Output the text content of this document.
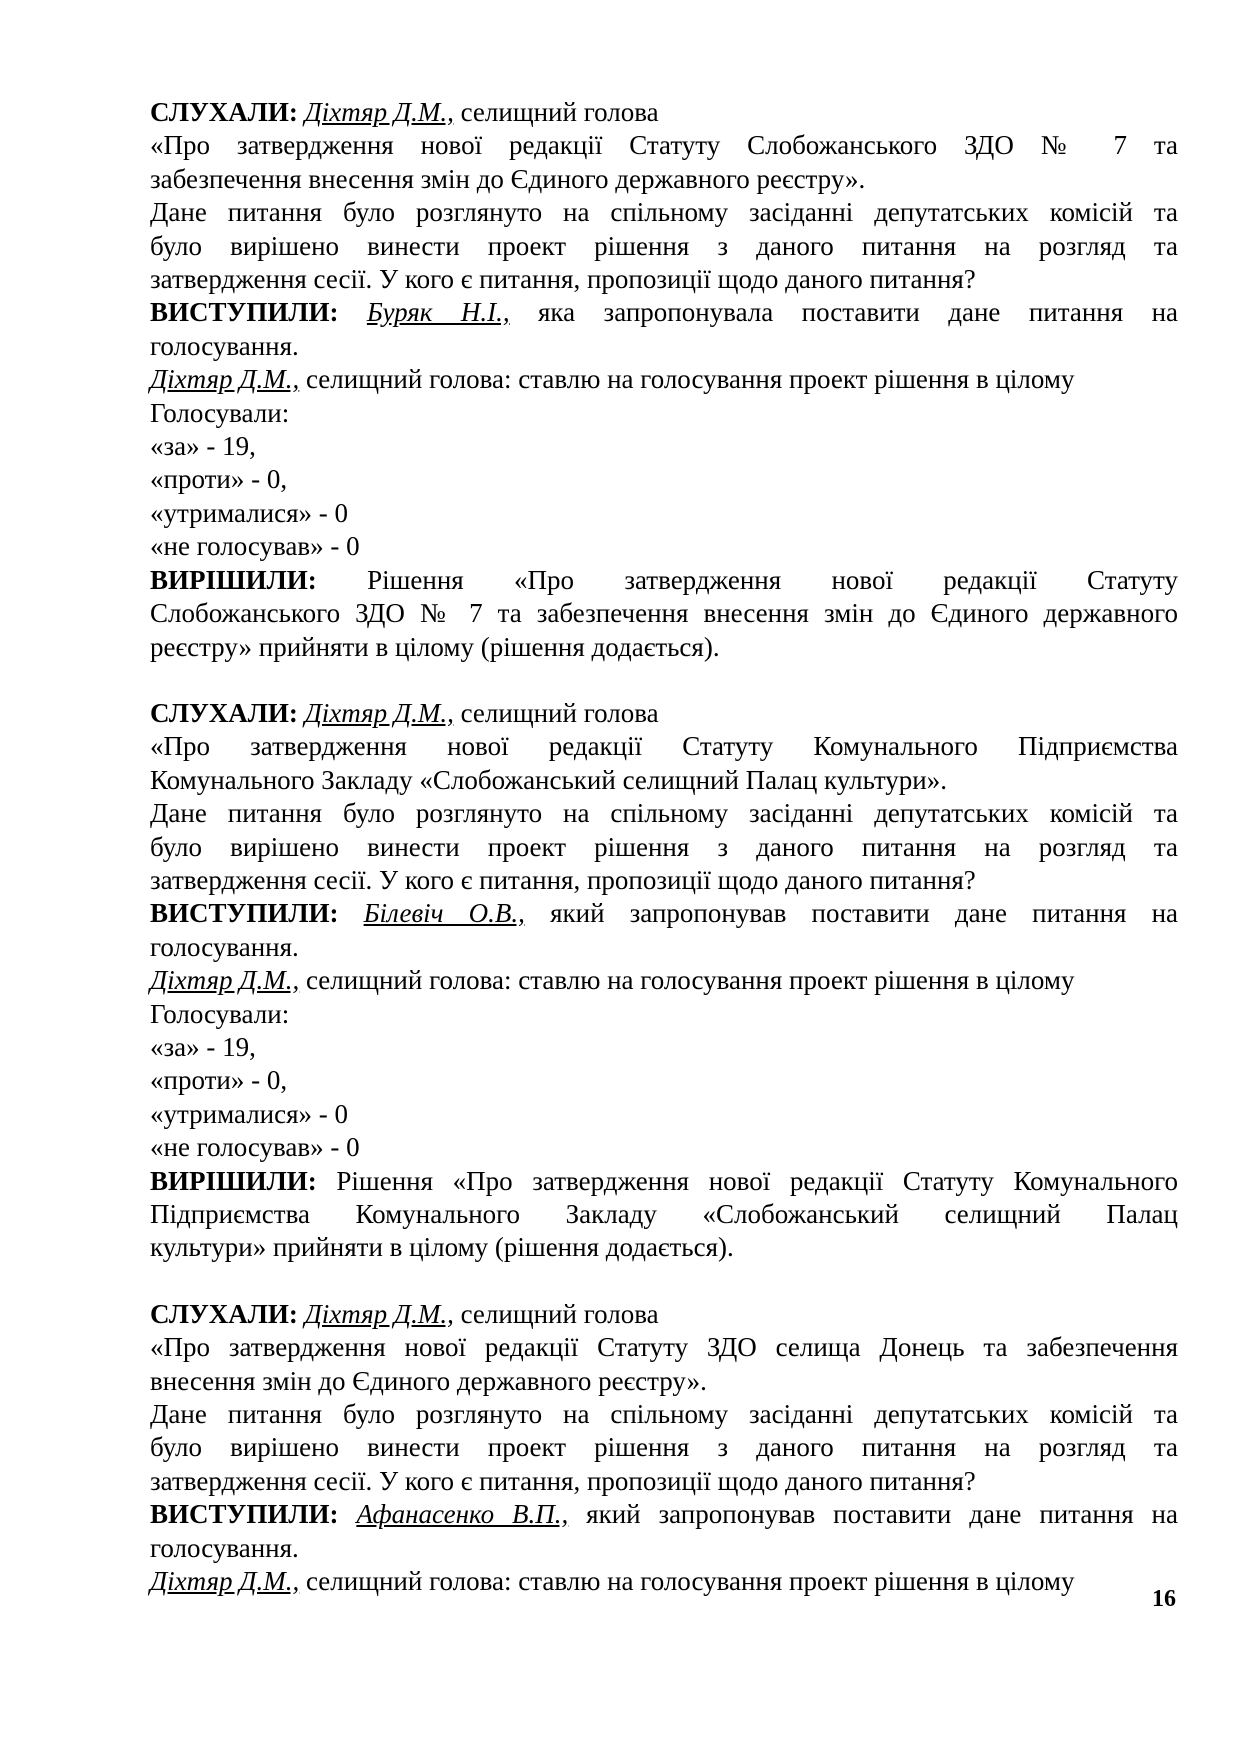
СЛУХАЛИ: Діхтяр Д.М., селищний голова
«Про затвердження нової редакції Статуту Слобожанського ЗДО № 7 та
забезпечення внесення змін до Єдиного державного реєстру».
Дане питання було розглянуто на спільному засіданні депутатських комісій та
було вирішено винести проект рішення з даного питання на розгляд та
затвердження сесії. У кого є питання, пропозиції щодо даного питання?
ВИСТУПИЛИ: Буряк Н.І., яка запропонувала поставити дане питання на
голосування.
Діхтяр Д.М., селищний голова: ставлю на голосування проект рішення в цілому
Голосували:
«за» - 19,
«проти» - 0,
«утрималися» - 0
«не голосував» - 0
ВИРІШИЛИ: Рішення «Про затвердження нової редакції Статуту
Слобожанського ЗДО № 7 та забезпечення внесення змін до Єдиного державного
реєстру» прийняти в цілому (рішення додається).
СЛУХАЛИ: Діхтяр Д.М., селищний голова
«Про затвердження нової редакції Статуту Комунального Підприємства
Комунального Закладу «Слобожанський селищний Палац культури».
Дане питання було розглянуто на спільному засіданні депутатських комісій та
було вирішено винести проект рішення з даного питання на розгляд та
затвердження сесії. У кого є питання, пропозиції щодо даного питання?
ВИСТУПИЛИ: Білевіч О.В., який запропонував поставити дане питання на
голосування.
Діхтяр Д.М., селищний голова: ставлю на голосування проект рішення в цілому
Голосували:
«за» - 19,
«проти» - 0,
«утрималися» - 0
«не голосував» - 0
ВИРІШИЛИ: Рішення «Про затвердження нової редакції Статуту Комунального
Підприємства Комунального Закладу «Слобожанський селищний Палац
культури» прийняти в цілому (рішення додається).
СЛУХАЛИ: Діхтяр Д.М., селищний голова
«Про затвердження нової редакції Статуту ЗДО селища Донець та забезпечення
внесення змін до Єдиного державного реєстру».
Дане питання було розглянуто на спільному засіданні депутатських комісій та
було вирішено винести проект рішення з даного питання на розгляд та
затвердження сесії. У кого є питання, пропозиції щодо даного питання?
ВИСТУПИЛИ: Афанасенко В.П., який запропонував поставити дане питання на
голосування.
Діхтяр Д.М., селищний голова: ставлю на голосування проект рішення в цілому
16
